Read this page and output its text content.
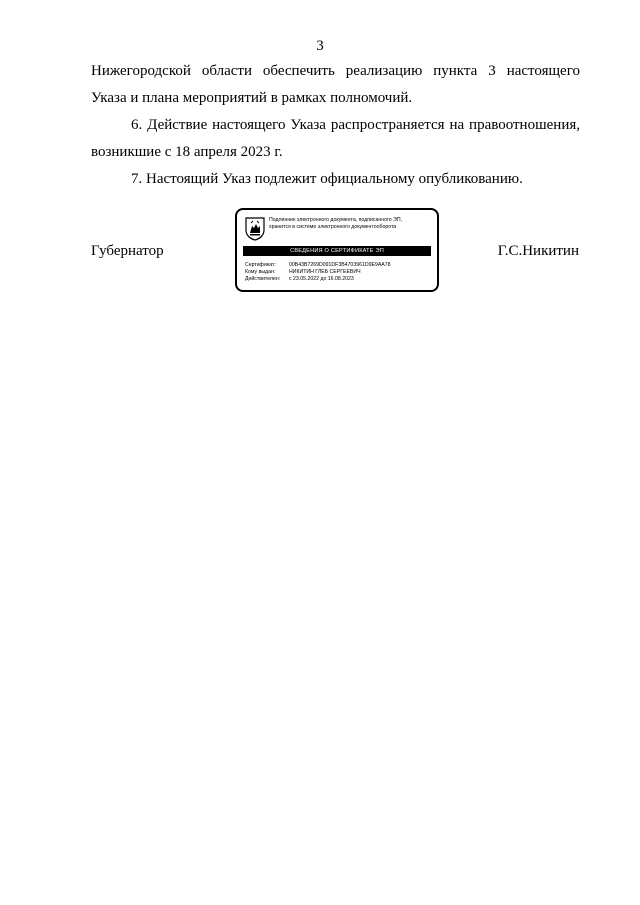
3

Нижегородской области обеспечить реализацию пункта 3 настоящего

Указа и плана мероприятий в рамках полномочий.

6. Действие настоящего Указа распространяется на правоотношения,

возникшие с 18 апреля 2023 г.

7. Настоящий Указ подлежит официальному опубликованию.

Губернатор	Г.С.Никитин
Подлинник электронного документа, подписанного ЭП,
хранится в системе электронного документооборота
СВЕДЕНИЯ О СЕРТИФИКАТЕ ЭП
Сертификат:	00B43B7269D091DF3B4703961D9E9AA78
Кому выдан:	НИКИТИН ГЛЕБ СЕРГЕЕВИЧ
Действителен: с 23.05.2022 до 16.08.2023
